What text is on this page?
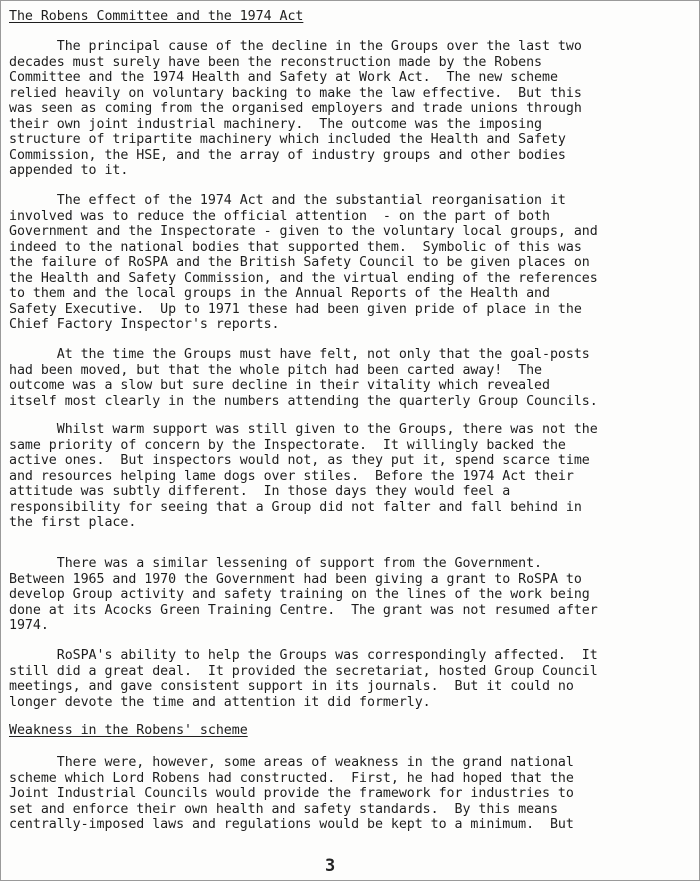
The Robens Committee and the 1974 Act

The principal cause of the decline in the Groups over the last two
decades must surely have been the reconstruction made by the Robens
Committee and the 1974 Health and Safety at Work Act.  The new scheme
relied heavily on voluntary backing to make the law effective.  But this
was seen as coming from the organised employers and trade unions through
their own joint industrial machinery.  The outcome was the imposing
structure of tripartite machinery which included the Health and Safety
Commission, the HSE, and the array of industry groups and other bodies
appended to it.

The effect of the 1974 Act and the substantial reorganisation it
involved was to reduce the official attention  - on the part of both
Government and the Inspectorate - given to the voluntary local groups, and
indeed to the national bodies that supported them.  Symbolic of this was
the failure of RoSPA and the British Safety Council to be given places on
the Health and Safety Commission, and the virtual ending of the references
to them and the local groups in the Annual Reports of the Health and
Safety Executive.  Up to 1971 these had been given pride of place in the
Chief Factory Inspector's reports.

At the time the Groups must have felt, not only that the goal-posts
had been moved, but that the whole pitch had been carted away!  The
outcome was a slow but sure decline in their vitality which revealed
itself most clearly in the numbers attending the quarterly Group Councils.

Whilst warm support was still given to the Groups, there was not the
same priority of concern by the Inspectorate.  It willingly backed the
active ones.  But inspectors would not, as they put it, spend scarce time
and resources helping lame dogs over stiles.  Before the 1974 Act their
attitude was subtly different.  In those days they would feel a
responsibility for seeing that a Group did not falter and fall behind in
the first place.

There was a similar lessening of support from the Government.
Between 1965 and 1970 the Government had been giving a grant to RoSPA to
develop Group activity and safety training on the lines of the work being
done at its Acocks Green Training Centre.  The grant was not resumed after
1974.

RoSPA's ability to help the Groups was correspondingly affected.  It
still did a great deal.  It provided the secretariat, hosted Group Council
meetings, and gave consistent support in its journals.  But it could no
longer devote the time and attention it did formerly.

Weakness in the Robens' scheme

There were, however, some areas of weakness in the grand national
scheme which Lord Robens had constructed.  First, he had hoped that the
Joint Industrial Councils would provide the framework for industries to
set and enforce their own health and safety standards.  By this means
centrally-imposed laws and regulations would be kept to a minimum.  But

3
